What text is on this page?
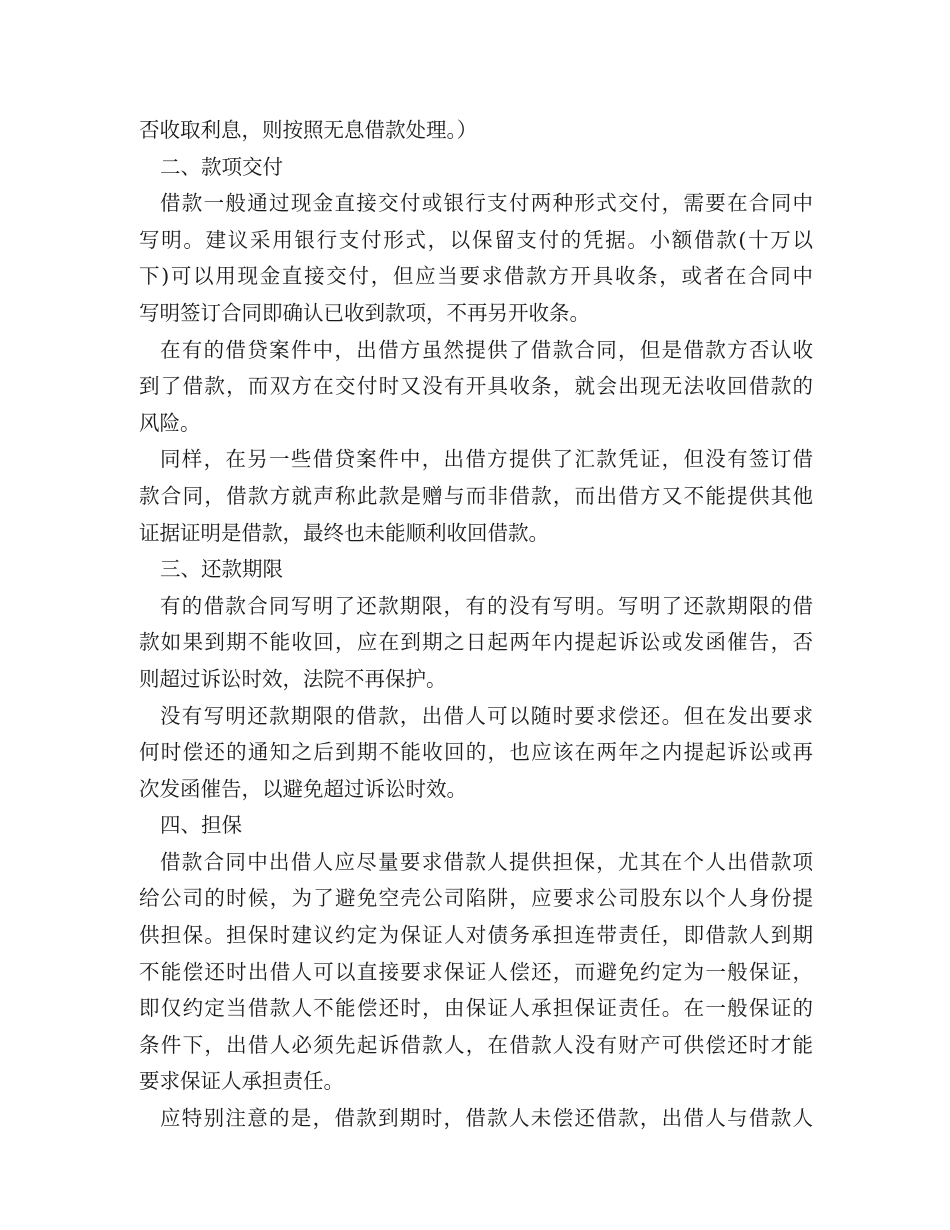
否收取利息，则按照无息借款处理。）
二、款项交付
借款一般通过现金直接交付或银行支付两种形式交付，需要在合同中
写明。建议采用银行支付形式，以保留支付的凭据。小额借款(十万以
下)可以用现金直接交付，但应当要求借款方开具收条，或者在合同中
写明签订合同即确认已收到款项，不再另开收条。
在有的借贷案件中，出借方虽然提供了借款合同，但是借款方否认收
到了借款，而双方在交付时又没有开具收条，就会出现无法收回借款的
风险。
同样，在另一些借贷案件中，出借方提供了汇款凭证，但没有签订借
款合同，借款方就声称此款是赠与而非借款，而出借方又不能提供其他
证据证明是借款，最终也未能顺利收回借款。
三、还款期限
有的借款合同写明了还款期限，有的没有写明。写明了还款期限的借
款如果到期不能收回，应在到期之日起两年内提起诉讼或发函催告，否
则超过诉讼时效，法院不再保护。
没有写明还款期限的借款，出借人可以随时要求偿还。但在发出要求
何时偿还的通知之后到期不能收回的，也应该在两年之内提起诉讼或再
次发函催告，以避免超过诉讼时效。
四、担保
借款合同中出借人应尽量要求借款人提供担保，尤其在个人出借款项
给公司的时候，为了避免空壳公司陷阱，应要求公司股东以个人身份提
供担保。担保时建议约定为保证人对债务承担连带责任，即借款人到期
不能偿还时出借人可以直接要求保证人偿还，而避免约定为一般保证，
即仅约定当借款人不能偿还时，由保证人承担保证责任。在一般保证的
条件下，出借人必须先起诉借款人，在借款人没有财产可供偿还时才能
要求保证人承担责任。
应特别注意的是，借款到期时，借款人未偿还借款，出借人与借款人
